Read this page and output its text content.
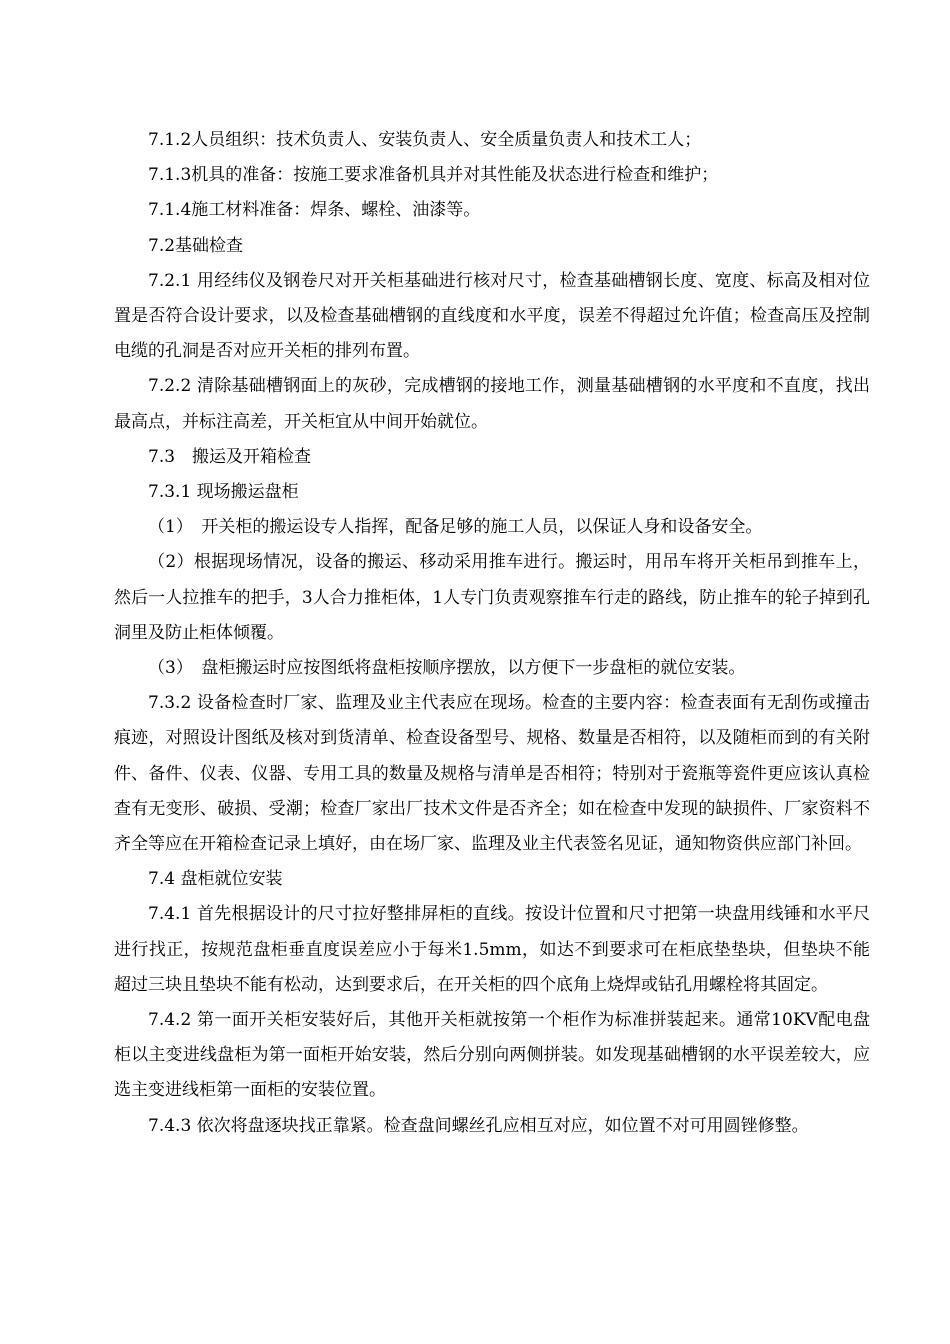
7.1.2人员组织：技术负责人、安装负责人、安全质量负责人和技术工人；

7.1.3机具的准备：按施工要求准备机具并对其性能及状态进行检查和维护；

7.1.4施工材料准备：焊条、螺栓、油漆等。

7.2基础检查

7.2.1 用经纬仪及钢卷尺对开关柜基础进行核对尺寸，检查基础槽钢长度、宽度、标高及相对位置是否符合设计要求，以及检查基础槽钢的直线度和水平度，误差不得超过允许值；检查高压及控制电缆的孔洞是否对应开关柜的排列布置。

7.2.2 清除基础槽钢面上的灰砂，完成槽钢的接地工作，测量基础槽钢的水平度和不直度，找出最高点，并标注高差，开关柜宜从中间开始就位。

7.3　搬运及开箱检查

7.3.1 现场搬运盘柜

（1）　开关柜的搬运设专人指挥，配备足够的施工人员，以保证人身和设备安全。

（2）根据现场情况，设备的搬运、移动采用推车进行。搬运时，用吊车将开关柜吊到推车上，然后一人拉推车的把手，3人合力推柜体，1人专门负责观察推车行走的路线，防止推车的轮子掉到孔洞里及防止柜体倾覆。

（3）　盘柜搬运时应按图纸将盘柜按顺序摆放，以方便下一步盘柜的就位安装。

7.3.2 设备检查时厂家、监理及业主代表应在现场。检查的主要内容：检查表面有无刮伤或撞击痕迹，对照设计图纸及核对到货清单、检查设备型号、规格、数量是否相符，以及随柜而到的有关附件、备件、仪表、仪器、专用工具的数量及规格与清单是否相符；特别对于瓷瓶等瓷件更应该认真检查有无变形、破损、受潮；检查厂家出厂技术文件是否齐全；如在检查中发现的缺损件、厂家资料不齐全等应在开箱检查记录上填好，由在场厂家、监理及业主代表签名见证，通知物资供应部门补回。

7.4 盘柜就位安装

7.4.1 首先根据设计的尺寸拉好整排屏柜的直线。按设计位置和尺寸把第一块盘用线锤和水平尺进行找正，按规范盘柜垂直度误差应小于每米1.5mm，如达不到要求可在柜底垫垫块，但垫块不能超过三块且垫块不能有松动，达到要求后，在开关柜的四个底角上烧焊或钻孔用螺栓将其固定。

7.4.2 第一面开关柜安装好后，其他开关柜就按第一个柜作为标准拼装起来。通常10KV配电盘柜以主变进线盘柜为第一面柜开始安装，然后分别向两侧拼装。如发现基础槽钢的水平误差较大，应选主变进线柜第一面柜的安装位置。

7.4.3 依次将盘逐块找正靠紧。检查盘间螺丝孔应相互对应，如位置不对可用圆锉修整。
